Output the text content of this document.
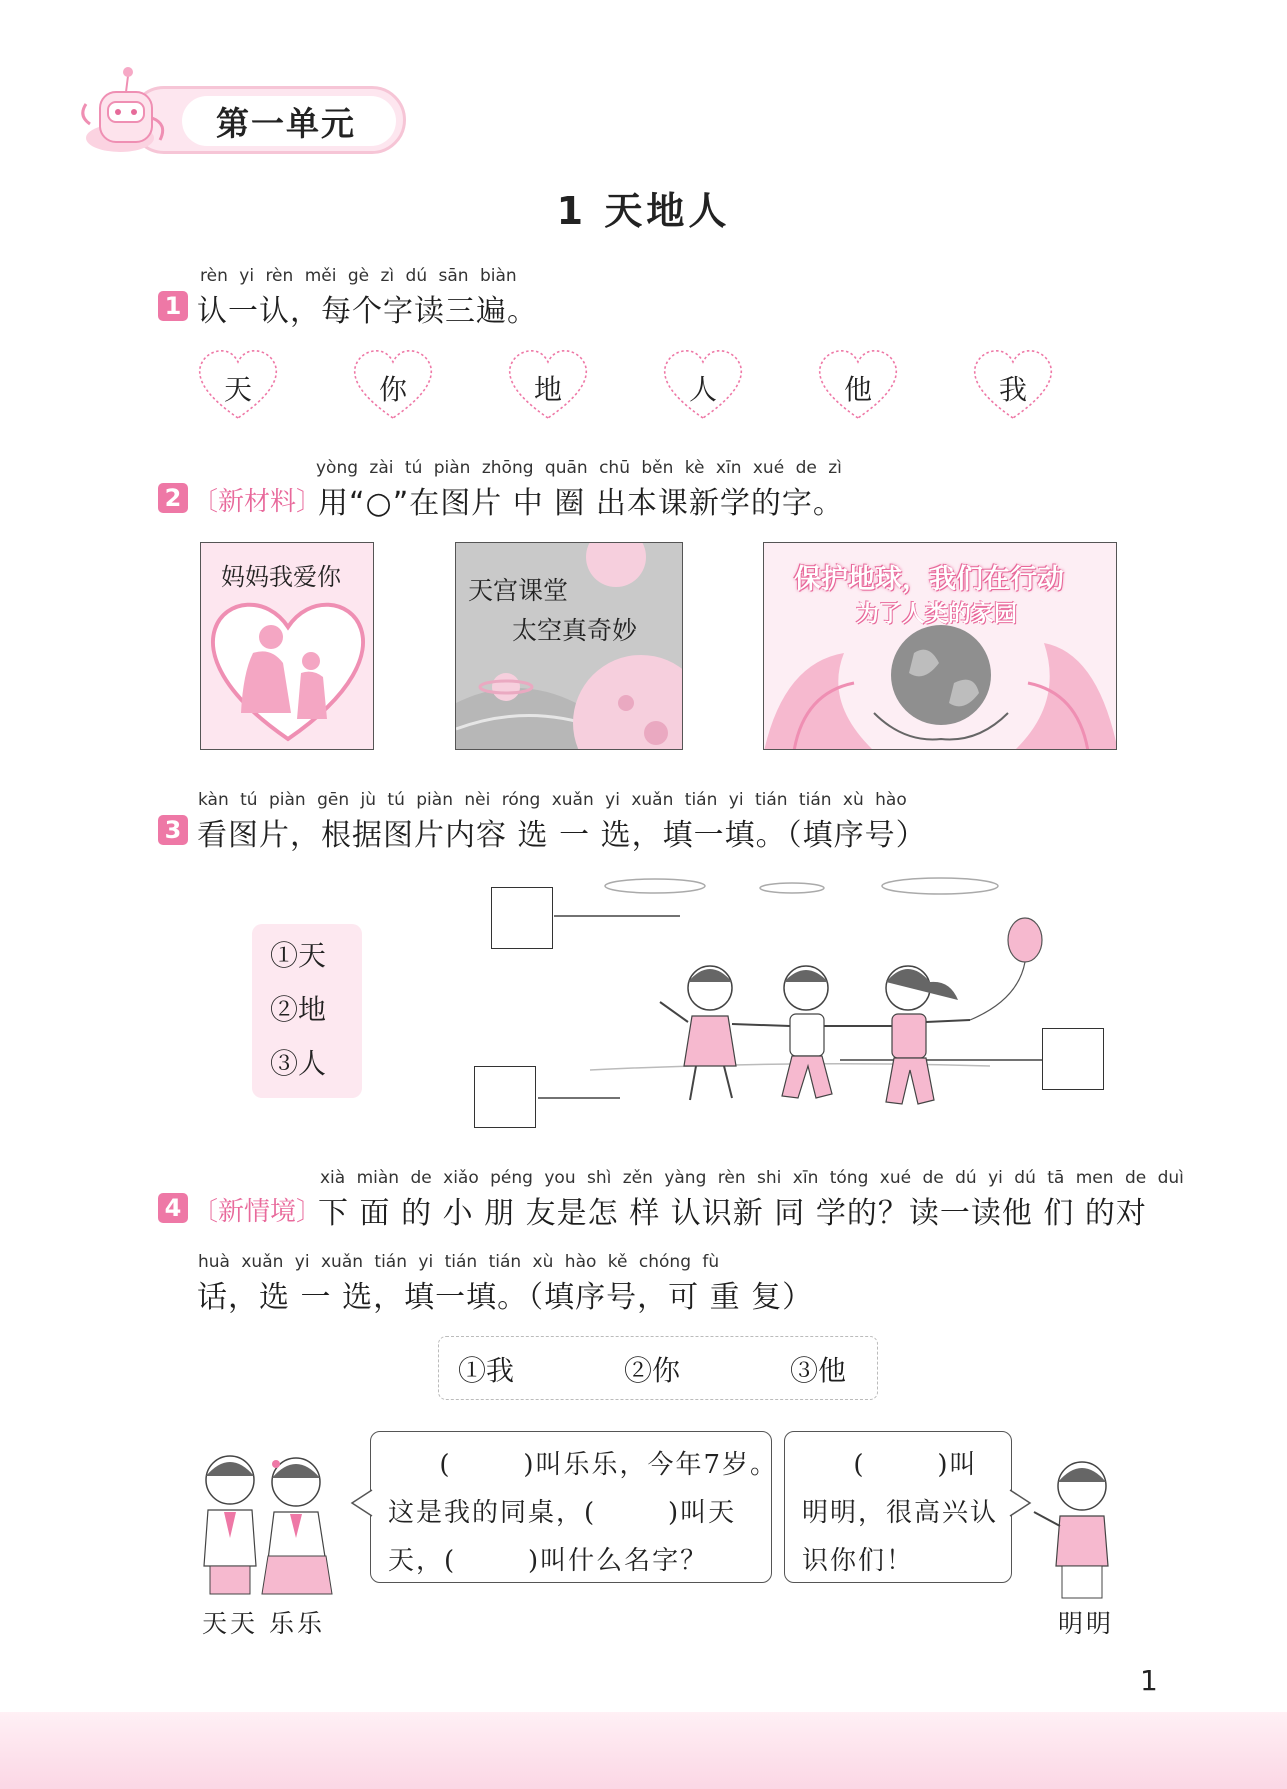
第一单元
1 天地人
rèn yi rèn měi gè zì dú sān biàn
1 认一认，每个字读三遍。
天	你	地	人	他	我
yòng zài tú piàn zhōng quān chū běn kè xīn xué de zì
2 〔新材料〕
用“○”在图片 中 圈 出本课新学的字。
妈妈我爱你	天宫课堂
太空真奇妙
保护地球，我们在行动
为了人类的家园
kàn tú piàn gēn jù tú piàn nèi róng xuǎn yi xuǎn tián yi tián tián xù hào
3 看图片，根据图片内容 选 一 选，填一填。（填序号）
①天
②地
③人
xià miàn de xiǎo péng you shì zěn yàng rèn shi xīn tóng xué de dú yi dú tā men de duì
4 〔新情境〕
下 面 的 小 朋 友是怎 样 认识新 同 学的？读一读他 们 的对
huà xuǎn yi xuǎn tián yi tián tián xù hào kě chóng fù
话，选 一 选，填一填。（填序号，可 重 复）
①我	②你	③他
天天 乐乐
(       )叫乐乐，今年7岁。
这是我的同桌，(       )叫天
天，(       )叫什么名字？
(       )叫
明明，很高兴认
识你们！
明明
1
